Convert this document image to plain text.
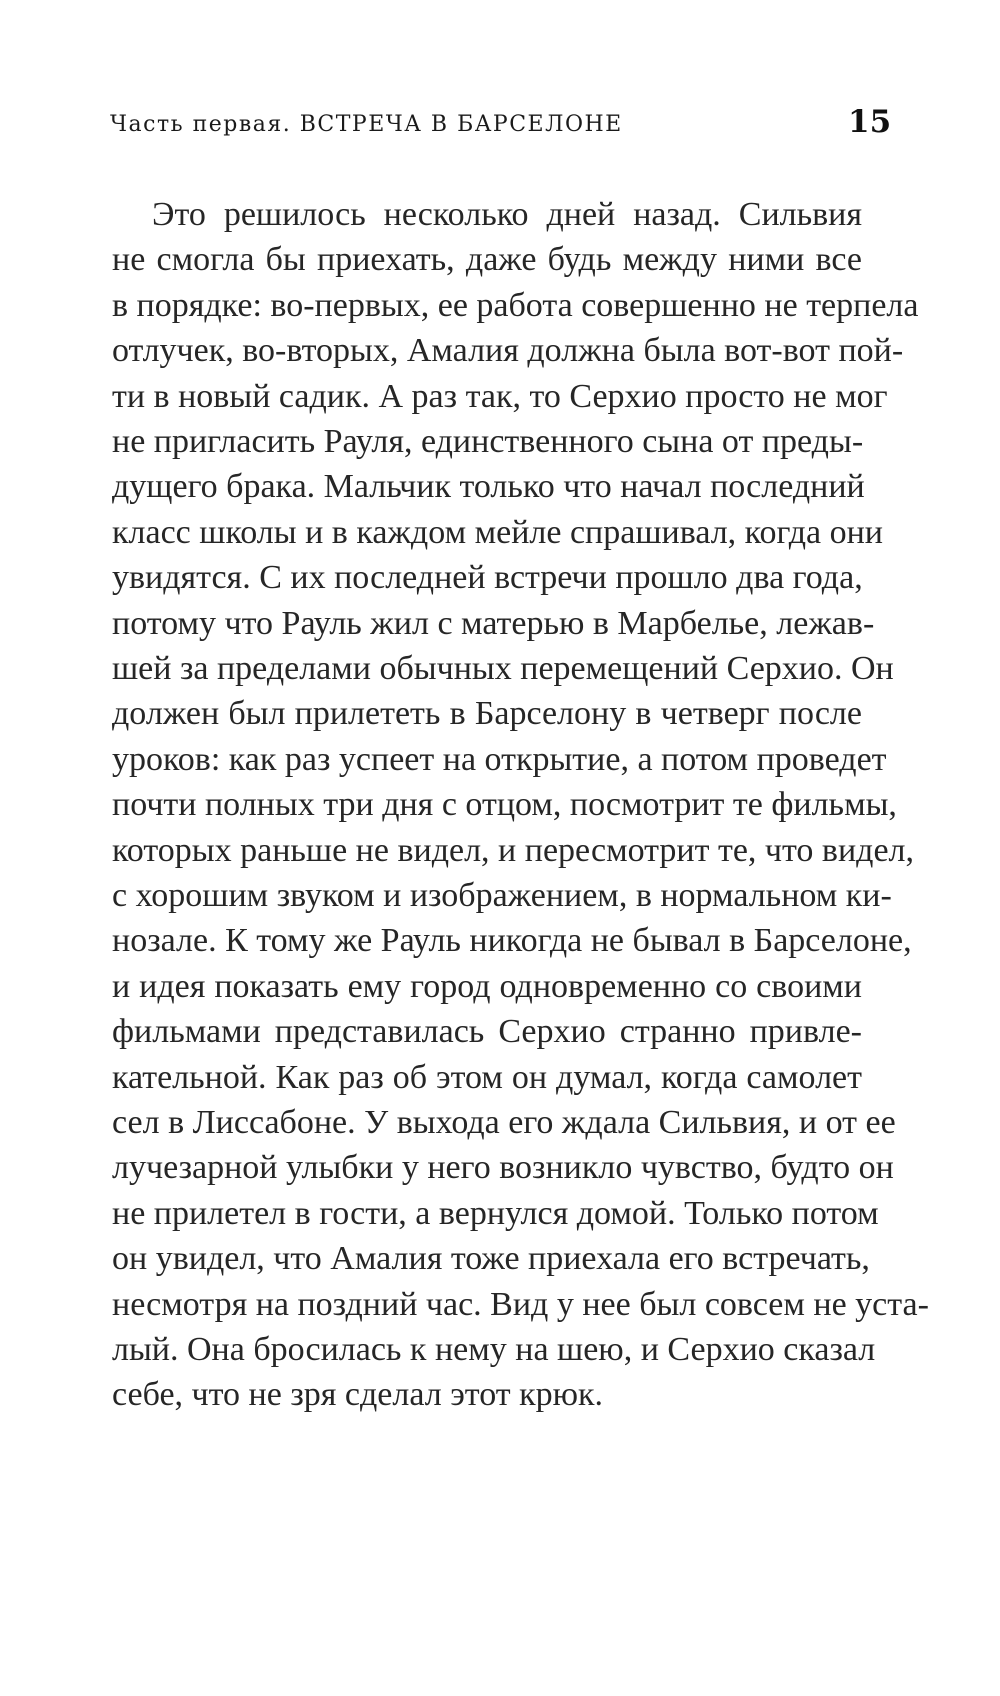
Часть первая. ВСТРЕЧА В БАРСЕЛОНЕ	15
Это решилось несколько дней назад. Сильвия
не смогла бы приехать, даже будь между ними все
в порядке: во-первых, ее работа совершенно не терпела
отлучек, во-вторых, Амалия должна была вот-вот пой-
ти в новый садик. А раз так, то Серхио просто не мог
не пригласить Рауля, единственного сына от преды-
дущего брака. Мальчик только что начал последний
класс школы и в каждом мейле спрашивал, когда они
увидятся. С их последней встречи прошло два года,
потому что Рауль жил с матерью в Марбелье, лежав-
шей за пределами обычных перемещений Серхио. Он
должен был прилететь в Барселону в четверг после
уроков: как раз успеет на открытие, а потом проведет
почти полных три дня с отцом, посмотрит те фильмы,
которых раньше не видел, и пересмотрит те, что видел,
с хорошим звуком и изображением, в нормальном ки-
нозале. К тому же Рауль никогда не бывал в Барселоне,
и идея показать ему город одновременно со своими
фильмами представилась Серхио странно привле-
кательной. Как раз об этом он думал, когда самолет
сел в Лиссабоне. У выхода его ждала Сильвия, и от ее
лучезарной улыбки у него возникло чувство, будто он
не прилетел в гости, а вернулся домой. Только потом
он увидел, что Амалия тоже приехала его встречать,
несмотря на поздний час. Вид у нее был совсем не уста-
лый. Она бросилась к нему на шею, и Серхио сказал
себе, что не зря сделал этот крюк.
